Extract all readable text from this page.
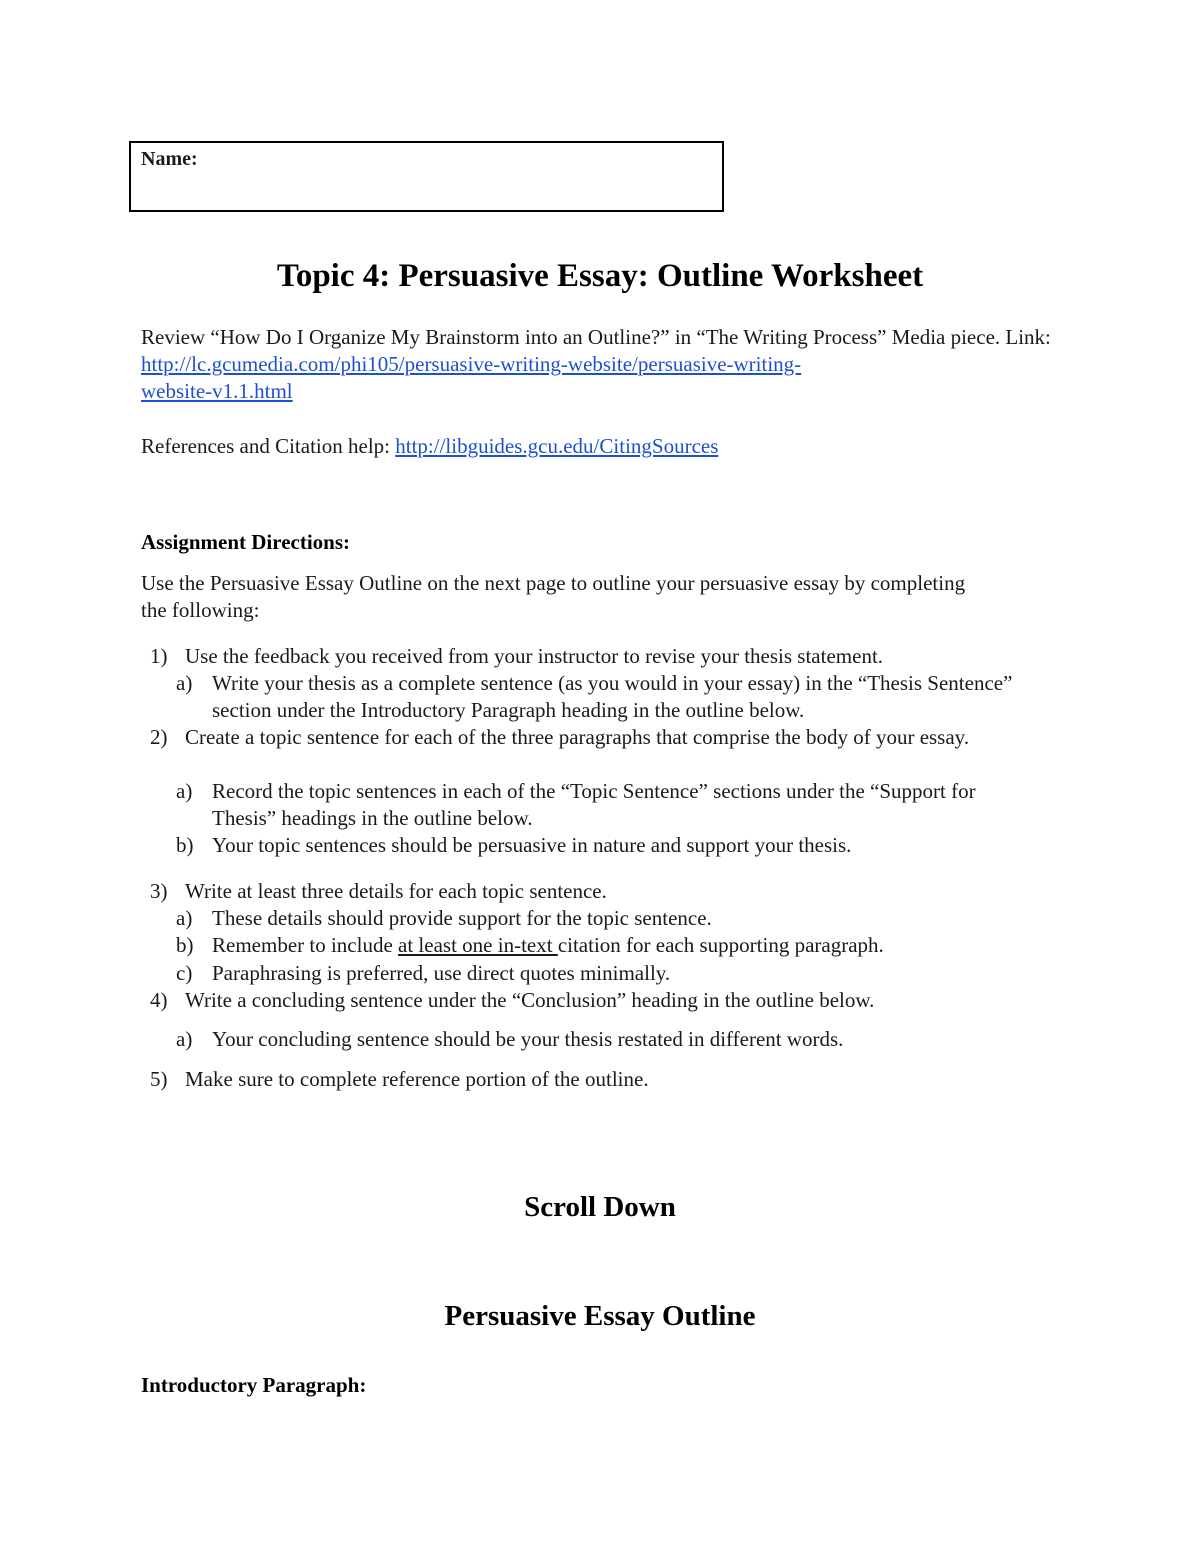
Name:
Topic 4: Persuasive Essay: Outline Worksheet
Review “How Do I Organize My Brainstorm into an Outline?” in “The Writing Process” Media piece. Link: http://lc.gcumedia.com/phi105/persuasive-writing-website/persuasive-writing-
website-v1.1.html
References and Citation help: http://libguides.gcu.edu/CitingSources
Assignment Directions:
Use the Persuasive Essay Outline on the next page to outline your persuasive essay by completing the following:
1) Use the feedback you received from your instructor to revise your thesis statement.
a) Write your thesis as a complete sentence (as you would in your essay) in the “Thesis Sentence” section under the Introductory Paragraph heading in the outline below.
2) Create a topic sentence for each of the three paragraphs that comprise the body of your essay.
a) Record the topic sentences in each of the “Topic Sentence” sections under the “Support for Thesis” headings in the outline below.
b) Your topic sentences should be persuasive in nature and support your thesis.
3) Write at least three details for each topic sentence.
a) These details should provide support for the topic sentence.
b) Remember to include at least one in-text citation for each supporting paragraph.
c) Paraphrasing is preferred, use direct quotes minimally.
4) Write a concluding sentence under the “Conclusion” heading in the outline below.
a) Your concluding sentence should be your thesis restated in different words.
5) Make sure to complete reference portion of the outline.
Scroll Down
Persuasive Essay Outline
Introductory Paragraph:
